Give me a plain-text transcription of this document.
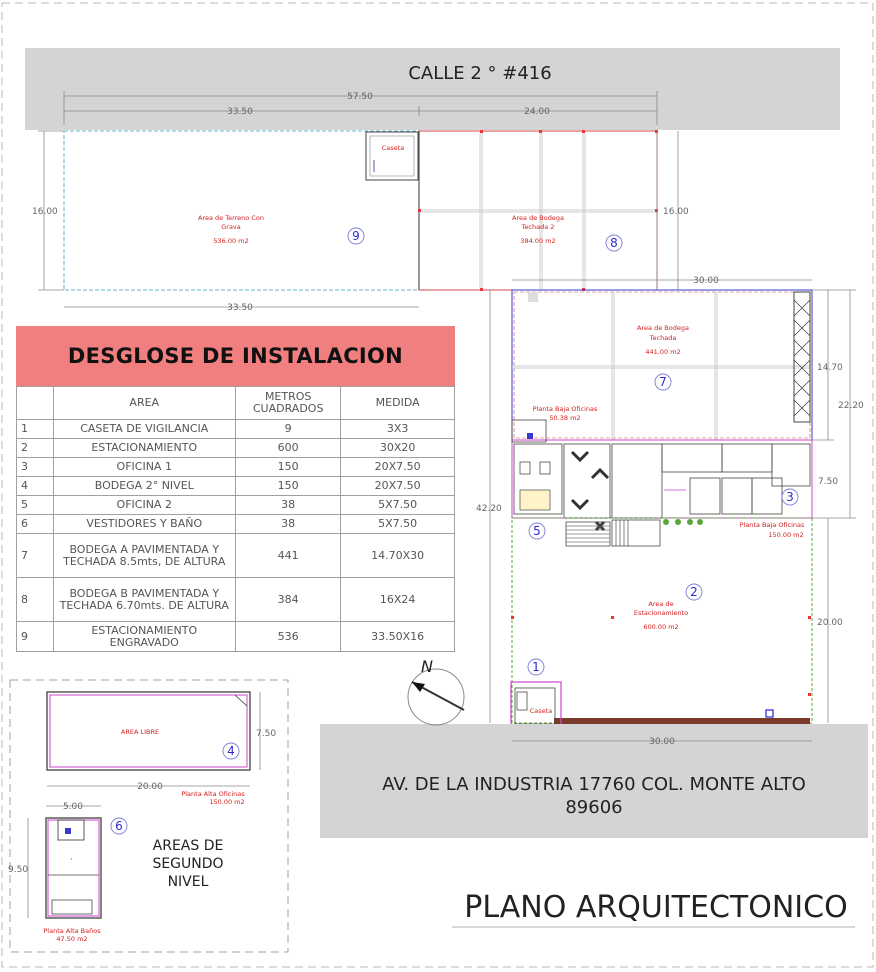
CALLE 2 ° #416
57.50
33.50	24.00
Caseta
Area de Terreno Con
Grava
536.00 m2	9
16.00
33.50
Area de Bodega
Techada 2
384.00 m2	8
16.00
30.00
Area de Bodega
Techada
441.00 m2
7
Planta Baja Oficinas
50.38 m2
3
5	Planta Baja Oficinas
150.00 m2
Area de
Estacionamiento
600.00 m2
2
Caseta
1
14.70
22.20
7.50
20.00
42.20
30.00
AV. DE LA INDUSTRIA 17760 COL. MONTE ALTO
89606
N
PLANO ARQUITECTONICO
AREA LIBRE	7.50
20.00
4
Planta Alta Oficinas
150.00 m2
5.00
·
9.50
6
Planta Alta Baños
47.50 m2
AREAS DE
SEGUNDO
NIVEL
DESGLOSE DE INSTALACION
	AREA	METROS CUADRADOS	MEDIDA
1	CASETA DE VIGILANCIA	9	3X3
2	ESTACIONAMIENTO	600	30X20
3	OFICINA 1	150	20X7.50
4	BODEGA 2° NIVEL	150	20X7.50
5	OFICINA 2	38	5X7.50
6	VESTIDORES Y BAÑO	38	5X7.50
7	BODEGA A PAVIMENTADA Y TECHADA 8.5mts, DE ALTURA	441	14.70X30
8	BODEGA B PAVIMENTADA Y TECHADA 6.70mts. DE ALTURA	384	16X24
9	ESTACIONAMIENTO ENGRAVADO	536	33.50X16
